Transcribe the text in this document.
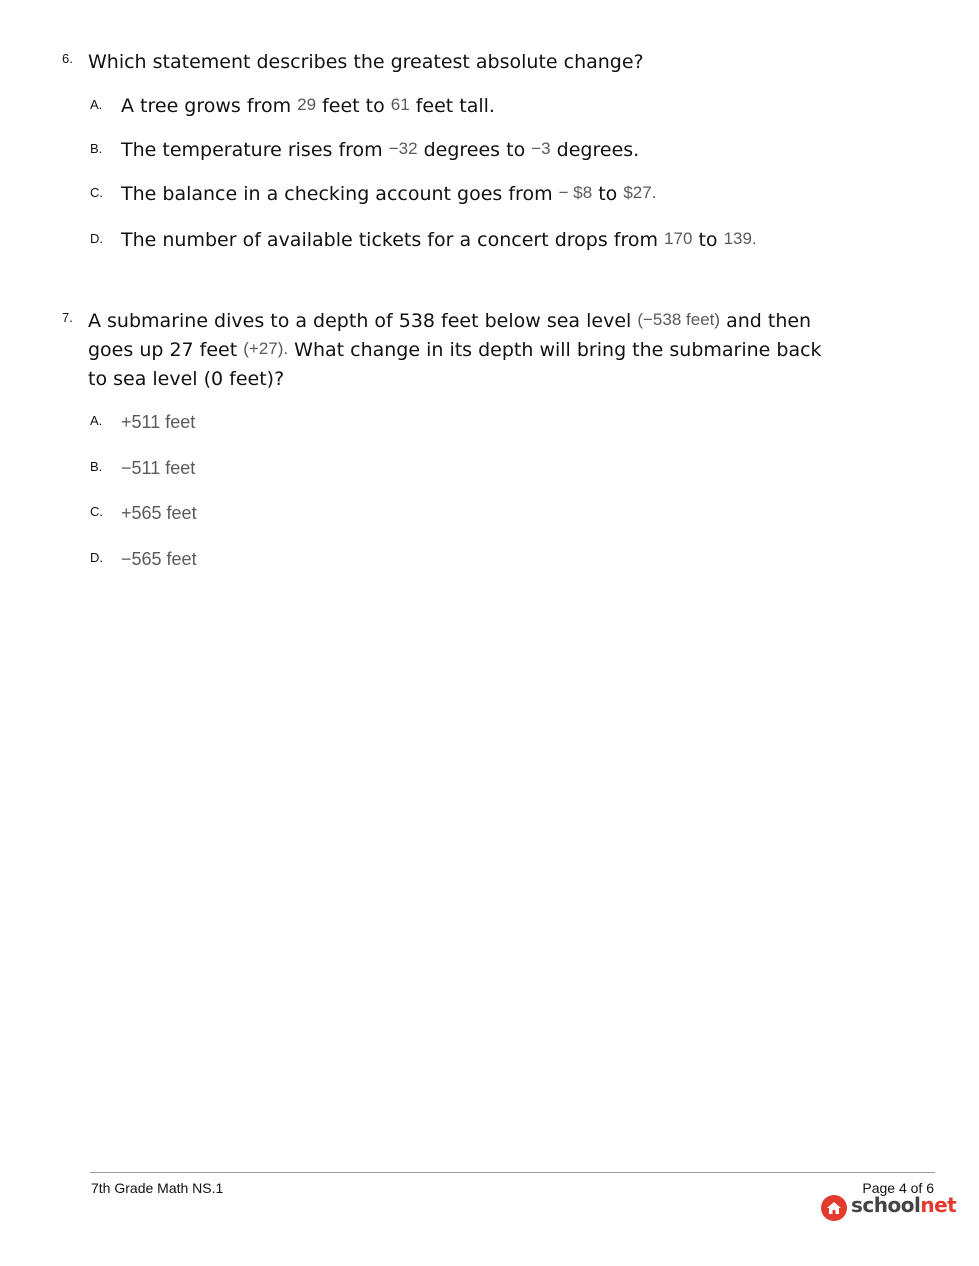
6. Which statement describes the greatest absolute change?
A. A tree grows from 29 feet to 61 feet tall.
B. The temperature rises from −32 degrees to −3 degrees.
C. The balance in a checking account goes from − $8 to $27.
D. The number of available tickets for a concert drops from 170 to 139.
7. A submarine dives to a depth of 538 feet below sea level (−538 feet) and then goes up 27 feet (+27). What change in its depth will bring the submarine back to sea level (0 feet)?
A. +511 feet
B. −511 feet
C. +565 feet
D. −565 feet
7th Grade Math NS.1	Page 4 of 6
schoolnet
